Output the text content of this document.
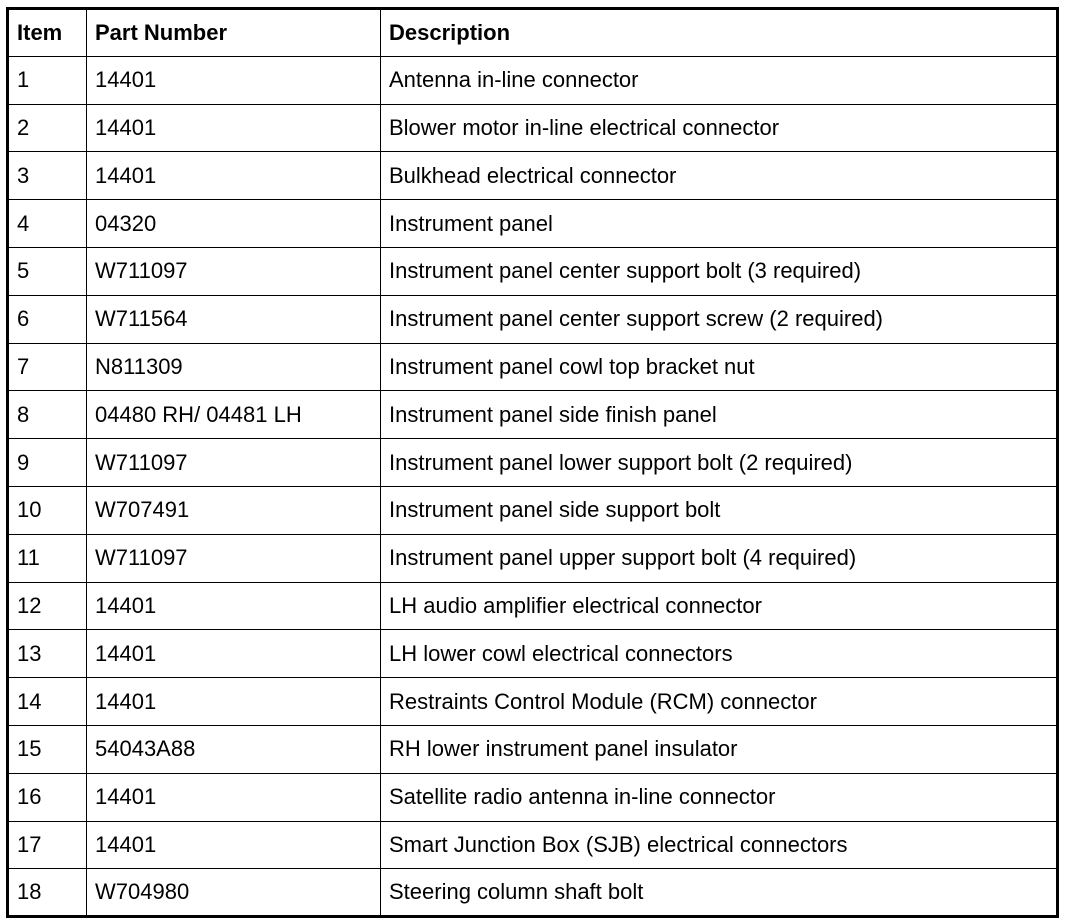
Item	Part Number	Description
1	14401	Antenna in-line connector
2	14401	Blower motor in-line electrical connector
3	14401	Bulkhead electrical connector
4	04320	Instrument panel
5	W711097	Instrument panel center support bolt (3 required)
6	W711564	Instrument panel center support screw (2 required)
7	N811309	Instrument panel cowl top bracket nut
8	04480 RH/ 04481 LH	Instrument panel side finish panel
9	W711097	Instrument panel lower support bolt (2 required)
10	W707491	Instrument panel side support bolt
11	W711097	Instrument panel upper support bolt (4 required)
12	14401	LH audio amplifier electrical connector
13	14401	LH lower cowl electrical connectors
14	14401	Restraints Control Module (RCM) connector
15	54043A88	RH lower instrument panel insulator
16	14401	Satellite radio antenna in-line connector
17	14401	Smart Junction Box (SJB) electrical connectors
18	W704980	Steering column shaft bolt
